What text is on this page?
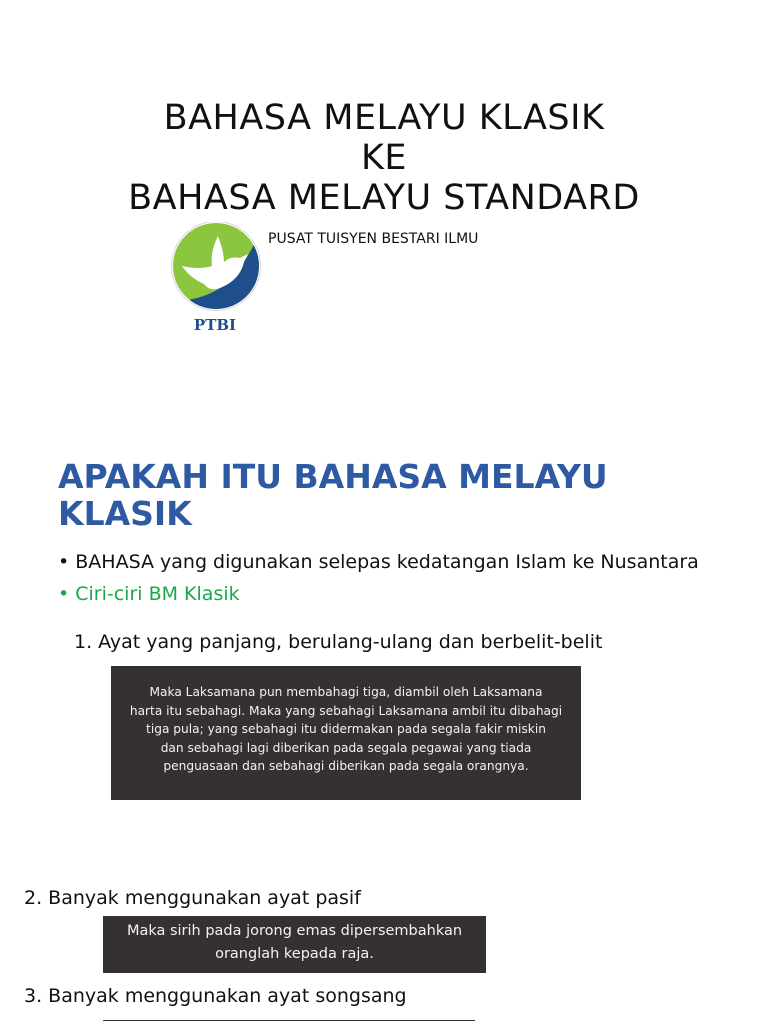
BAHASA MELAYU KLASIK
KE
BAHASA MELAYU STANDARD
PTBI
PUSAT TUISYEN BESTARI ILMU
APAKAH ITU BAHASA MELAYU KLASIK
• BAHASA yang digunakan selepas kedatangan Islam ke Nusantara
• Ciri-ciri BM Klasik
1. Ayat yang panjang, berulang-ulang dan berbelit-belit
Maka Laksamana pun membahagi tiga, diambil oleh Laksamana
harta itu sebahagi. Maka yang sebahagi Laksamana ambil itu dibahagi
tiga pula; yang sebahagi itu didermakan pada segala fakir miskin
dan sebahagi lagi diberikan pada segala pegawai yang tiada
penguasaan dan sebahagi diberikan pada segala orangnya.
2. Banyak menggunakan ayat pasif
Maka sirih pada jorong emas dipersembahkan
oranglah kepada raja.
3. Banyak menggunakan ayat songsang
